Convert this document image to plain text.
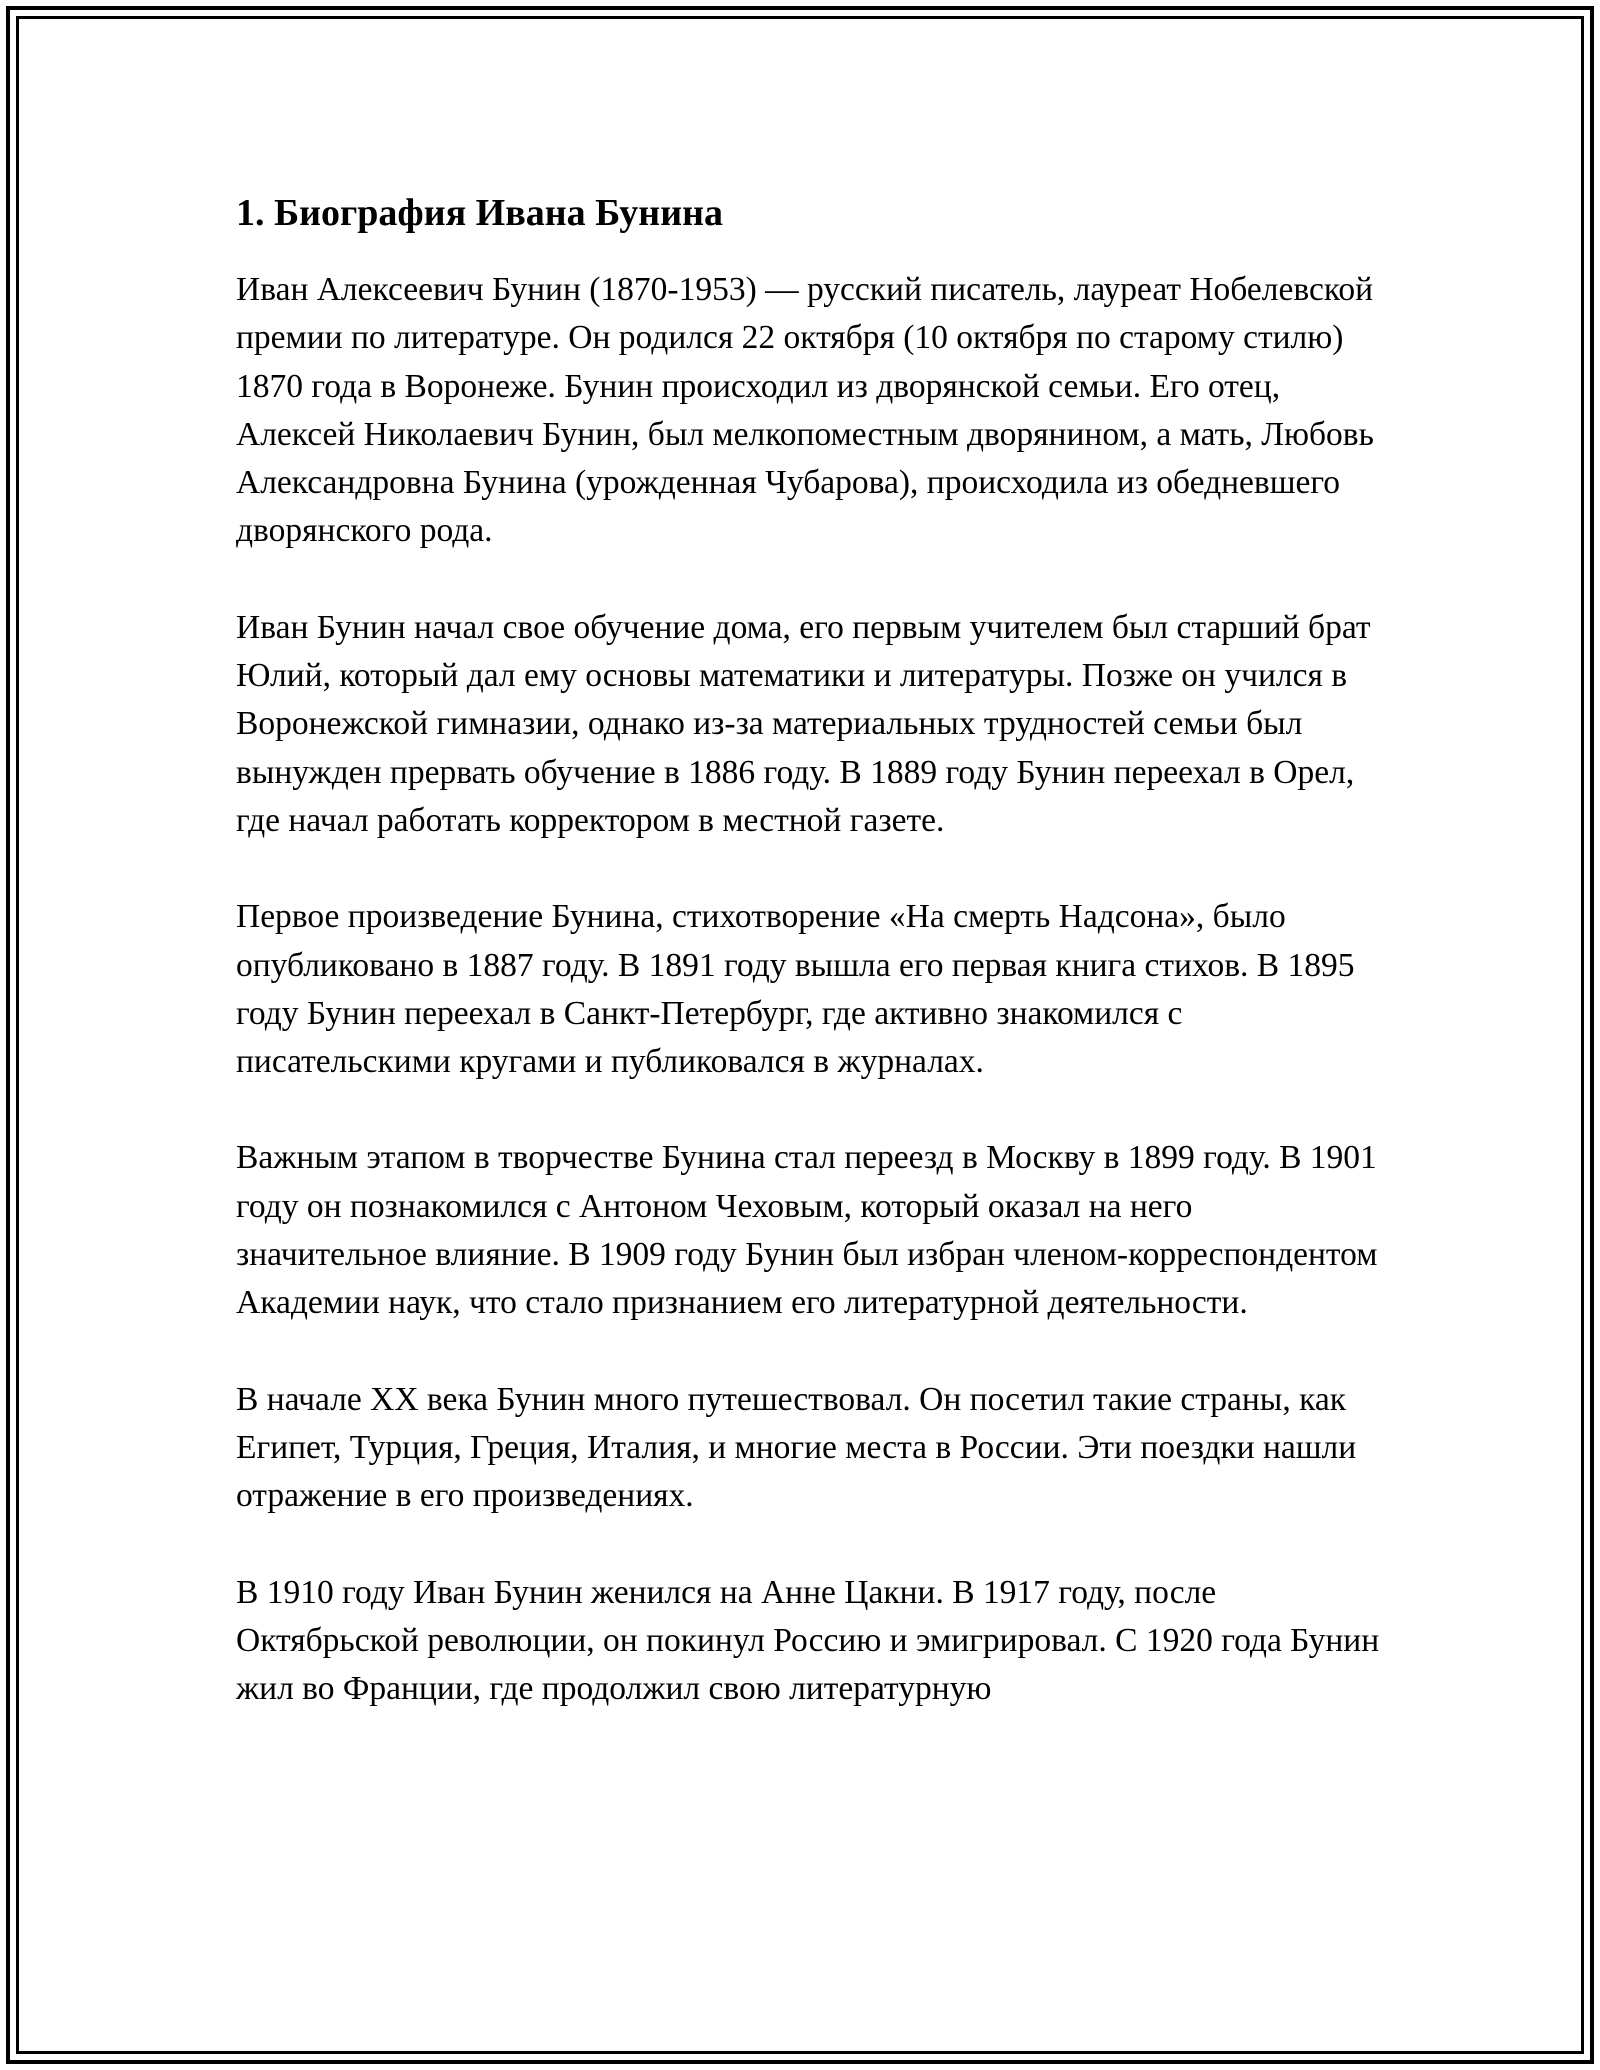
1. Биография Ивана Бунина

Иван Алексеевич Бунин (1870-1953) — русский писатель, лауреат Нобелевской премии по литературе. Он родился 22 октября (10 октября по старому стилю) 1870 года в Воронеже. Бунин происходил из дворянской семьи. Его отец, Алексей Николаевич Бунин, был мелкопоместным дворянином, а мать, Любовь Александровна Бунина (урожденная Чубарова), происходила из обедневшего дворянского рода.

Иван Бунин начал свое обучение дома, его первым учителем был старший брат Юлий, который дал ему основы математики и литературы. Позже он учился в Воронежской гимназии, однако из-за материальных трудностей семьи был вынужден прервать обучение в 1886 году. В 1889 году Бунин переехал в Орел, где начал работать корректором в местной газете.

Первое произведение Бунина, стихотворение «На смерть Надсона», было опубликовано в 1887 году. В 1891 году вышла его первая книга стихов. В 1895 году Бунин переехал в Санкт-Петербург, где активно знакомился с писательскими кругами и публиковался в журналах.

Важным этапом в творчестве Бунина стал переезд в Москву в 1899 году. В 1901 году он познакомился с Антоном Чеховым, который оказал на него значительное влияние. В 1909 году Бунин был избран членом-корреспондентом Академии наук, что стало признанием его литературной деятельности.

В начале XX века Бунин много путешествовал. Он посетил такие страны, как Египет, Турция, Греция, Италия, и многие места в России. Эти поездки нашли отражение в его произведениях.

В 1910 году Иван Бунин женился на Анне Цакни. В 1917 году, после Октябрьской революции, он покинул Россию и эмигрировал. С 1920 года Бунин жил во Франции, где продолжил свою литературную
